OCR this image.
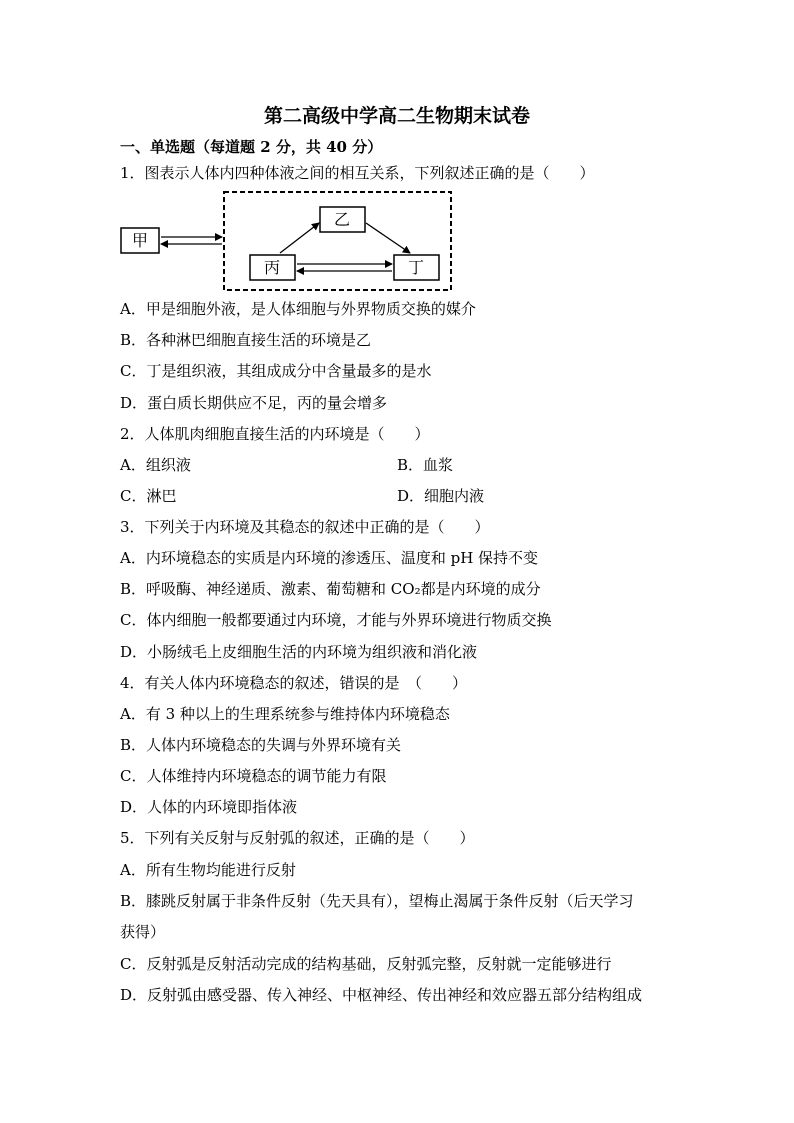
第二高级中学高二生物期末试卷
一、单选题（每道题 2 分，共 40 分）
1．图表示人体内四种体液之间的相互关系，下列叙述正确的是（　　）
甲
乙
丙	丁
A．甲是细胞外液，是人体细胞与外界物质交换的媒介
B．各种淋巴细胞直接生活的环境是乙
C．丁是组织液，其组成成分中含量最多的是水
D．蛋白质长期供应不足，丙的量会增多
2．人体肌肉细胞直接生活的内环境是（　　）
A．组织液	B．血浆
C．淋巴	D．细胞内液
3．下列关于内环境及其稳态的叙述中正确的是（　　）
A．内环境稳态的实质是内环境的渗透压、温度和 pH 保持不变
B．呼吸酶、神经递质、激素、葡萄糖和 CO₂都是内环境的成分
C．体内细胞一般都要通过内环境，才能与外界环境进行物质交换
D．小肠绒毛上皮细胞生活的内环境为组织液和消化液
4．有关人体内环境稳态的叙述，错误的是　（　　）
A．有 3 种以上的生理系统参与维持体内环境稳态
B．人体内环境稳态的失调与外界环境有关
C．人体维持内环境稳态的调节能力有限
D．人体的内环境即指体液
5．下列有关反射与反射弧的叙述，正确的是（　　）
A．所有生物均能进行反射
B．膝跳反射属于非条件反射（先天具有），望梅止渴属于条件反射（后天学习
获得）
C．反射弧是反射活动完成的结构基础，反射弧完整，反射就一定能够进行
D．反射弧由感受器、传入神经、中枢神经、传出神经和效应器五部分结构组成
